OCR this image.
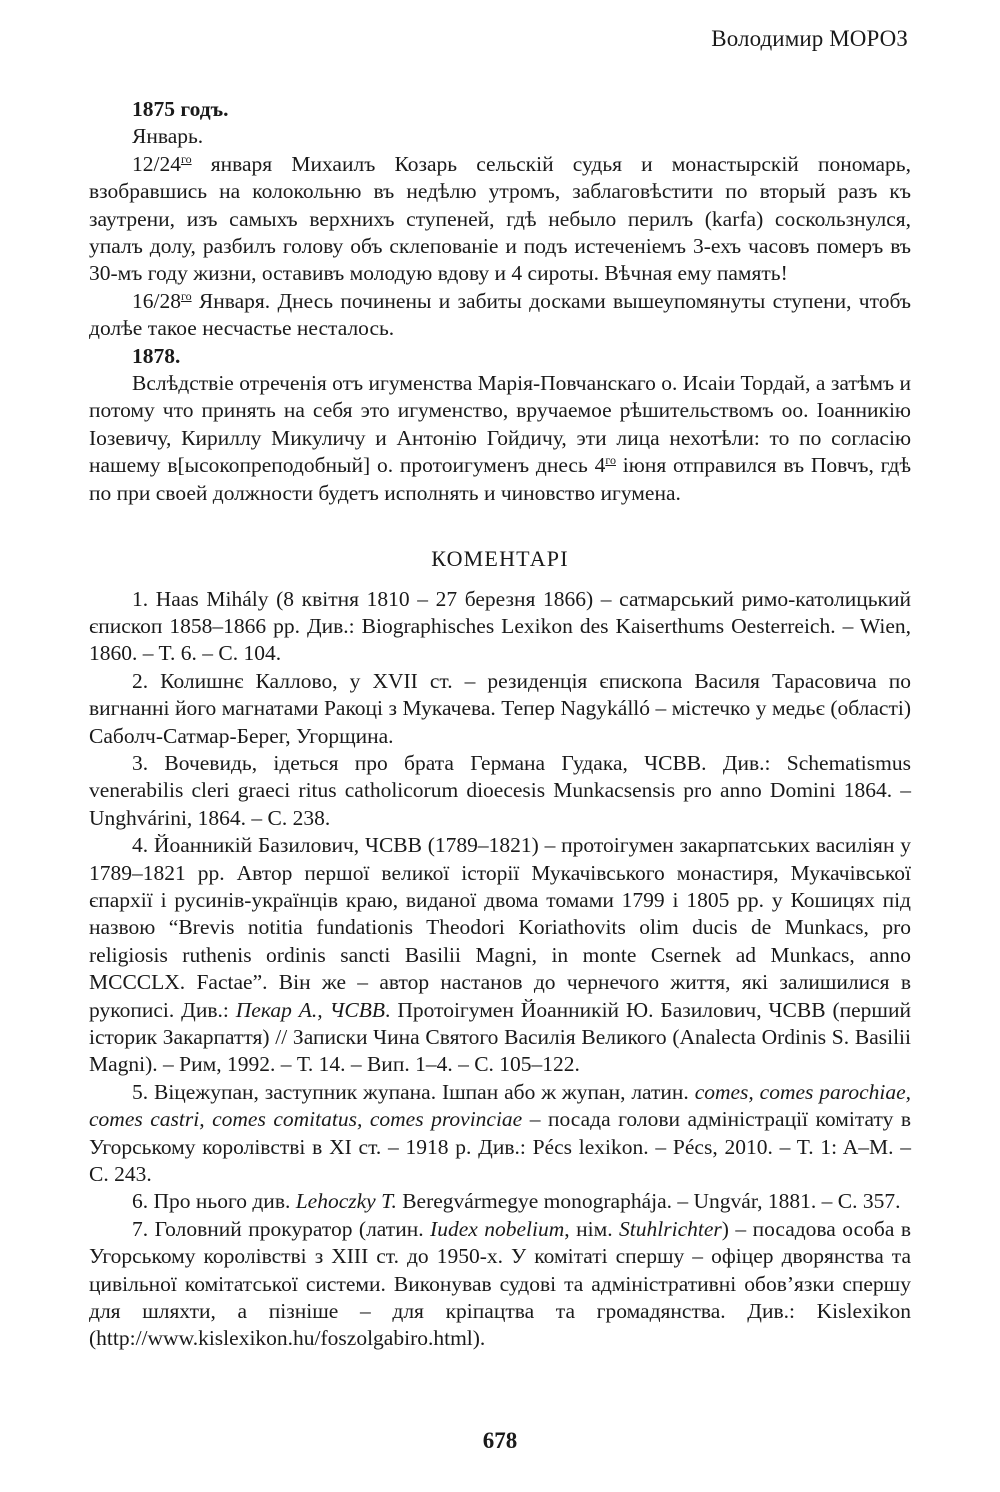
Володимир МОРОЗ

1875 годъ.

Январь.

$12/24^{го}$ января Михаилъ Козарь сельскій судья и монастырскій пономарь, взобравшись на колокольню въ недѣлю утромъ, заблаговѣстити по вторый разъ къ заутрени, изъ самыхъ верхнихъ ступеней, гдѣ небыло перилъ (karfa) соскользнулся, упалъ долу, разбилъ голову объ склепованіе и подъ истеченіемъ 3-ехъ часовъ померъ въ 30-мъ году жизни, оставивъ молодую вдову и 4 сироты. Вѣчная ему память!

$16/28^{го}$ Января. Днесь починены и забиты досками вышеупомянуты ступени, чтобъ долѣе такое несчастье несталось.

1878.

Вслѣдствіе отреченія отъ игуменства Марія-Повчанскаго о. Исаіи Тордай, а затѣмъ и потому что принять на себя это игуменство, вручаемое рѣшительствомъ оо. Іоанникію Іозевичу, Кириллу Микуличу и Антонію Гойдичу, эти лица нехотѣли: то по согласію нашему в[ысокопреподобный] о. протоигуменъ днесь $4^{го}$ іюня отправился въ Повчъ, гдѣ по при своей должности будетъ исполнять и чиновство игумена.

КОМЕНТАРІ

1. Haas Mihály (8 квітня 1810 – 27 березня 1866) – сатмарський римо-католицький єпископ 1858–1866 рр. Див.: Biographisches Lexikon des Kaiserthums Oesterreich. – Wien, 1860. – T. 6. – С. 104.

2. Колишнє Каллово, у XVII ст. – резиденція єпископа Василя Тарасовича по вигнанні його магнатами Ракоці з Мукачева. Тепер Nagykálló – містечко у медьє (області) Саболч-Сатмар-Берег, Угорщина.

3. Вочевидь, ідеться про брата Германа Гудака, ЧСВВ. Див.: Schematismus venerabilis cleri graeci ritus catholicorum dioecesis Munkacsensis pro anno Domini 1864. – Unghvárini, 1864. – С. 238.

4. Йоанникій Базилович, ЧСВВ (1789–1821) – протоігумен закарпатських василіян у 1789–1821 рр. Автор першої великої історії Мукачівського монастиря, Мукачівської єпархії і русинів-українців краю, виданої двома томами 1799 і 1805 рр. у Кошицях під назвою “Brevis notitia fundationis Theodori Koriathovits olim ducis de Munkacs, pro religiosis ruthenis ordinis sancti Basilii Magni, in monte Csernek ad Munkacs, anno MCCCLX. Factae”. Він же – автор настанов до чернечого життя, які залишилися в рукописі. Див.: Пекар А., ЧСВВ. Протоігумен Йоанникій Ю. Базилович, ЧСВВ (перший історик Закарпаття) // Записки Чина Святого Василія Великого (Analecta Ordinis S. Basilii Magni). – Рим, 1992. – Т. 14. – Вип. 1–4. – С. 105–122.

5. Віцежупан, заступник жупана. Ішпан або ж жупан, латин. comes, comes parochiae, comes castri, comes comitatus, comes provinciae – посада голови адміністрації комітату в Угорському королівстві в XI ст. – 1918 р. Див.: Pécs lexikon. – Pécs, 2010. – T. 1: A–M. – C. 243.

6. Про нього див. Lehoczky T. Beregvármegye monographája. – Ungvár, 1881. – С. 357.

7. Головний прокуратор (латин. Iudex nobelium, нім. Stuhlrichter) – посадова особа в Угорському королівстві з XIII ст. до 1950-х. У комітаті спершу – офіцер дворянства та цивільної комітатської системи. Виконував судові та адміністративні обов’язки спершу для шляхти, а пізніше – для кріпацтва та громадянства. Див.: Kislexikon (http://www.kislexikon.hu/foszolgabiro.html).

678
